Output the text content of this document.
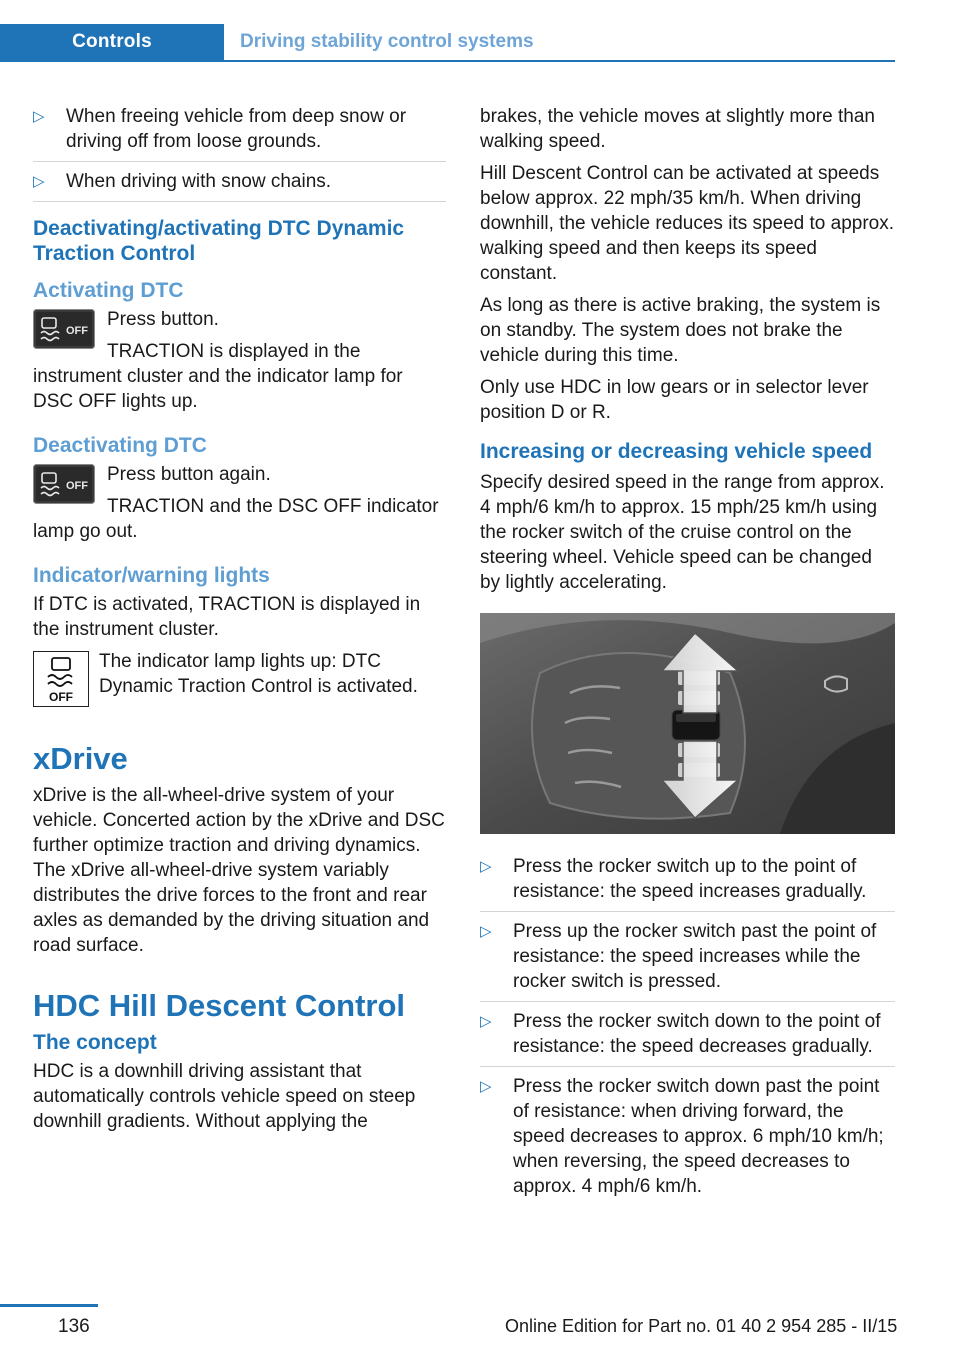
Controls	Driving stability control systems
▷ When freeing vehicle from deep snow or driving off from loose grounds.
▷ When driving with snow chains.
Deactivating/activating DTC Dynamic Traction Control
Activating DTC
OFF

Press button.

TRACTION is displayed in the instrument cluster and the indicator lamp for DSC OFF lights up.

Deactivating DTC
OFF

Press button again.

TRACTION and the DSC OFF indicator lamp go out.

Indicator/warning lights

If DTC is activated, TRACTION is displayed in the instrument cluster.

OFF

The indicator lamp lights up: DTC Dynamic Traction Control is activated.

xDrive

xDrive is the all-wheel-drive system of your vehicle. Concerted action by the xDrive and DSC further optimize traction and driving dynamics. The xDrive all-wheel-drive system variably distributes the drive forces to the front and rear axles as demanded by the driving situation and road surface.

HDC Hill Descent Control
The concept

HDC is a downhill driving assistant that automatically controls vehicle speed on steep downhill gradients. Without applying the

brakes, the vehicle moves at slightly more than walking speed.

Hill Descent Control can be activated at speeds below approx. 22 mph/35 km/h. When driving downhill, the vehicle reduces its speed to approx. walking speed and then keeps its speed constant.

As long as there is active braking, the system is on standby. The system does not brake the vehicle during this time.

Only use HDC in low gears or in selector lever position D or R.

Increasing or decreasing vehicle speed

Specify desired speed in the range from approx. 4 mph/6 km/h to approx. 15 mph/25 km/h using the rocker switch of the cruise control on the steering wheel. Vehicle speed can be changed by lightly accelerating.

▷ Press the rocker switch up to the point of resistance: the speed increases gradually.
▷ Press up the rocker switch past the point of resistance: the speed increases while the rocker switch is pressed.
▷ Press the rocker switch down to the point of resistance: the speed decreases gradually.
▷ Press the rocker switch down past the point of resistance: when driving forward, the speed decreases to approx. 6 mph/10 km/h; when reversing, the speed decreases to approx. 4 mph/6 km/h.
136	Online Edition for Part no. 01 40 2 954 285 - II/15
